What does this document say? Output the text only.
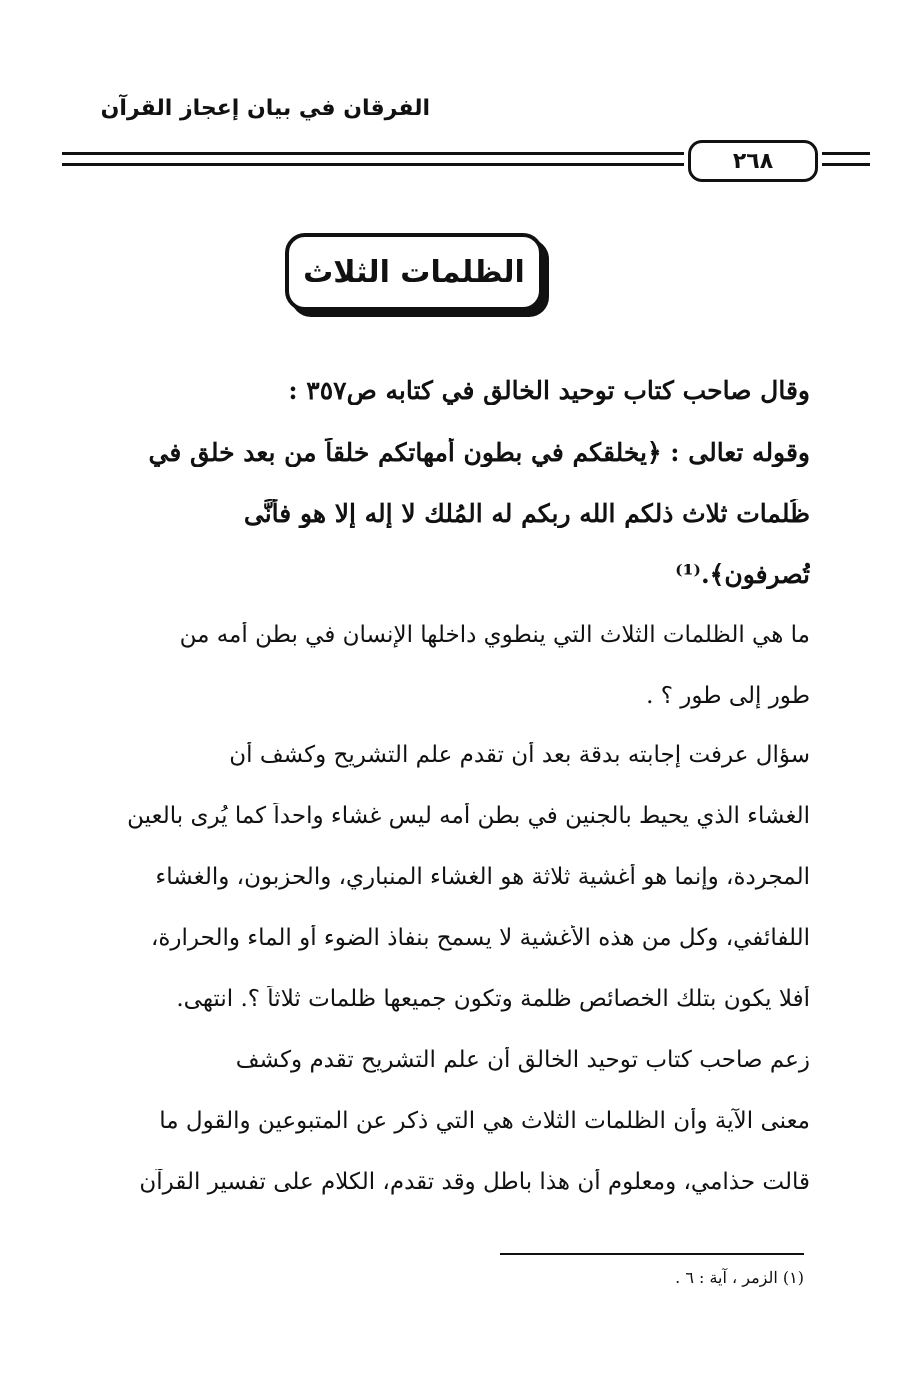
الفرقان في بيان إعجاز القرآن
٢٦٨
الظلمات الثلاث
وقال صاحب كتاب توحيد الخالق في كتابه ص٣٥٧ :
وقوله تعالى : ﴿يخلقكم في بطون أمهاتكم خلقاً من بعد خلقٍ في
ظُلمات ثلاث ذلكم الله ربكم له المُلك لا إله إلا هو فأنَّى
تُصرفون﴾.⁽¹⁾
ما هي الظلمات الثلاث التي ينطوي داخلها الإنسان في بطن أمه من
طور إلى طور ؟ .
سؤال عرفت إجابته بدقة بعد أن تقدم علم التشريح وكشف أن
الغشاء الذي يحيط بالجنين في بطن أمه ليس غشاء واحداً كما يُرى بالعين
المجردة، وإنما هو أغشية ثلاثة هو الغشاء المنباري، والحزبون، والغشاء
اللفائفي، وكل من هذه الأغشية لا يسمح بنفاذ الضوء أو الماء والحرارة،
أفلا يكون بتلك الخصائص ظلمة وتكون جميعها ظلمات ثلاثاً ؟. انتهى.
زعم صاحب كتاب توحيد الخالق أن علم التشريح تقدم وكشف
معنى الآية وأن الظلمات الثلاث هي التي ذكر عن المتبوعين والقول ما
قالت حذامي، ومعلوم أن هذا باطل وقد تقدم، الكلام على تفسير القرآن
(١) الزمر ، آية : ٦ .
